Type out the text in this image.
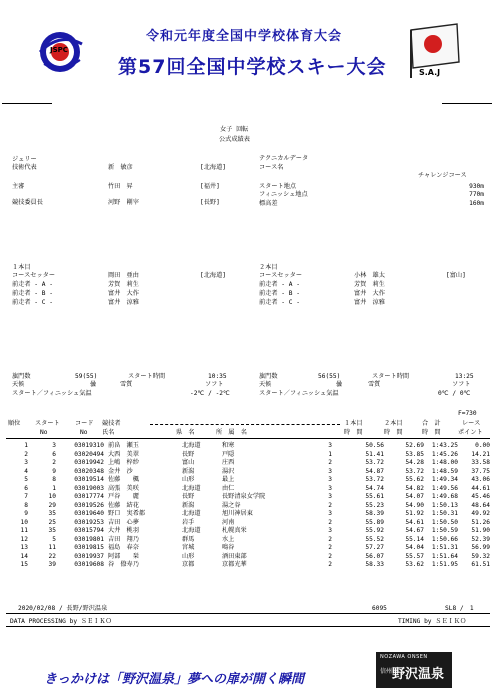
JSPC
S.A.J
令和元年度全国中学校体育大会
第57回全国中学校スキー大会
女子 回転
公式成績表
ジュリー
技術代表	新　敏彦	[北海道]
主審	竹田　昇	[福井]
競技委員長	河野　剛宰	[長野]
テクニカルデータ
コース名
チャレンジコース
スタート地点	930m
フィニッシュ地点	770m
標高差	160m
１本目
コースセッター	岡田　亜由	[北海道]
前走者 - A -	芳賀　莉生
前走者 - B -	富井　大作
前走者 - C -	富井　涼雅
２本目
コースセッター	小林　雄太	[富山]
前走者 - A -	芳賀　莉生
前走者 - B -	富井　大作
前走者 - C -	富井　涼雅
旗門数	59(55)	スタート時間	10:35
天候	曇	雪質	ソフト
スタート／フィニッシュ気温	-2℃ / -2℃
旗門数	56(55)	スタート時間	13:25
天候	曇	雪質	ソフト
スタート／フィニッシュ気温	0℃ / 0℃
F=730
順位 スタート
No
コード
No
競技者
氏名	県　名	所　属　名
１本目
時　間
２本目
時　間
合　計
時　間
レース
ポイント
1	3	03019310	前畠　瀬玉	北海道	和寒	3	50.56	52.69	1:43.25	0.00
2	6	03020494	大西　美翠	長野	戸隠	1	51.41	53.85	1:45.26	14.21
3	2	03019942	上嶋　梓紗	富山	庄西	2	53.72	54.28	1:48.00	33.58
4	9	03020348	金井　沙	新潟	湯沢	3	54.87	53.72	1:48.59	37.75
5	8	03019514	佐藤　　楓	山形	最上	3	53.72	55.62	1:49.34	43.06
6	1	03019003	高張　美咲	北海道	由仁	3	54.74	54.82	1:49.56	44.61
7	10	03017774	戸谷　　麗	長野	長野清泉女学院	3	55.61	54.07	1:49.68	45.46
8	29	03019526	佐藤　結花	新潟	湯之谷	2	55.23	54.90	1:50.13	48.64
9	35	03019640	野口　実希都	北海道	旭川神居東	3	58.39	51.92	1:50.31	49.92
10	25	03019253	吉田　心夢	岩手	河南	2	55.89	54.61	1:50.50	51.26
11	35	03015794	大井　桃羽	北海道	札幌真栄	3	55.92	54.67	1:50.59	51.90
12	5	03019801	吉田　翔乃	群馬	水上	2	55.52	55.14	1:50.66	52.39
13	11	03019815	福島　春奈	宮城	鳴谷	2	57.27	54.04	1:51.31	56.99
14	22	03019937	阿部　　栞	山形	酒田東部	2	56.07	55.57	1:51.64	59.32
15	39	03019608	谷　僚寿乃	京都	京都光華	2	58.33	53.62	1:51.95	61.51
2020/02/08 / 長野/野沢温泉	6095	SL8 /　1
DATA PROCESSING by ＳＥＩＫＯ	TIMING by ＳＥＩＫＯ
きっかけは「野沢温泉」夢への扉が開く瞬間
NOZAWA ONSEN
信州 野沢温泉
